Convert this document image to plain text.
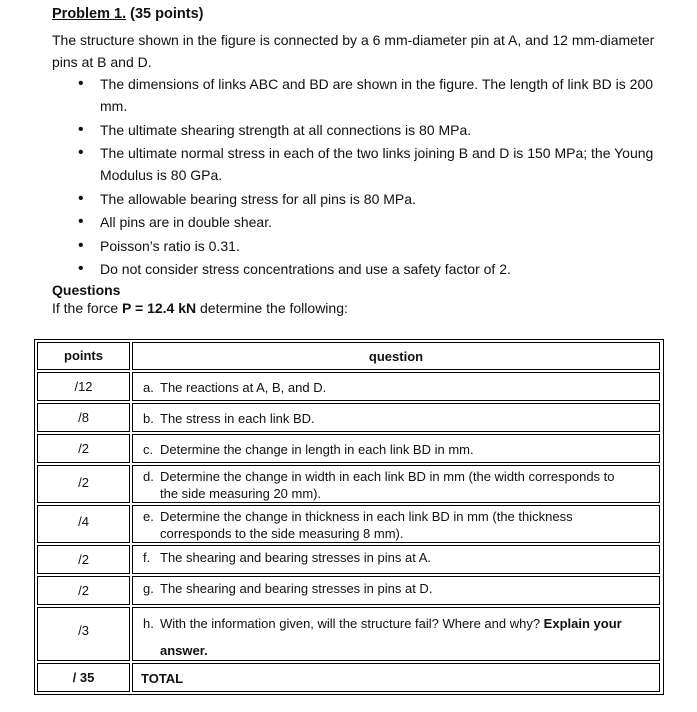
Problem 1. (35 points)
The structure shown in the figure is connected by a 6 mm-diameter pin at A, and 12 mm-diameter pins at B and D.
• The dimensions of links ABC and BD are shown in the figure. The length of link BD is 200 mm.
• The ultimate shearing strength at all connections is 80 MPa.
• The ultimate normal stress in each of the two links joining B and D is 150 MPa; the Young Modulus is 80 GPa.
• The allowable bearing stress for all pins is 80 MPa.
• All pins are in double shear.
• Poisson’s ratio is 0.31.
• Do not consider stress concentrations and use a safety factor of 2.
Questions
If the force P = 12.4 kN determine the following:
points	question
/12	a. The reactions at A, B, and D.
/8	b. The stress in each link BD.
/2	c. Determine the change in length in each link BD in mm.
/2	d. Determine the change in width in each link BD in mm (the width corresponds to
the side measuring 20 mm).
/4	e. Determine the change in thickness in each link BD in mm (the thickness
corresponds to the side measuring 8 mm).
/2	f. The shearing and bearing stresses in pins at A.
/2	g. The shearing and bearing stresses in pins at D.
/3	h. With the information given, will the structure fail? Where and why? Explain your
answer.
/ 35	TOTAL
